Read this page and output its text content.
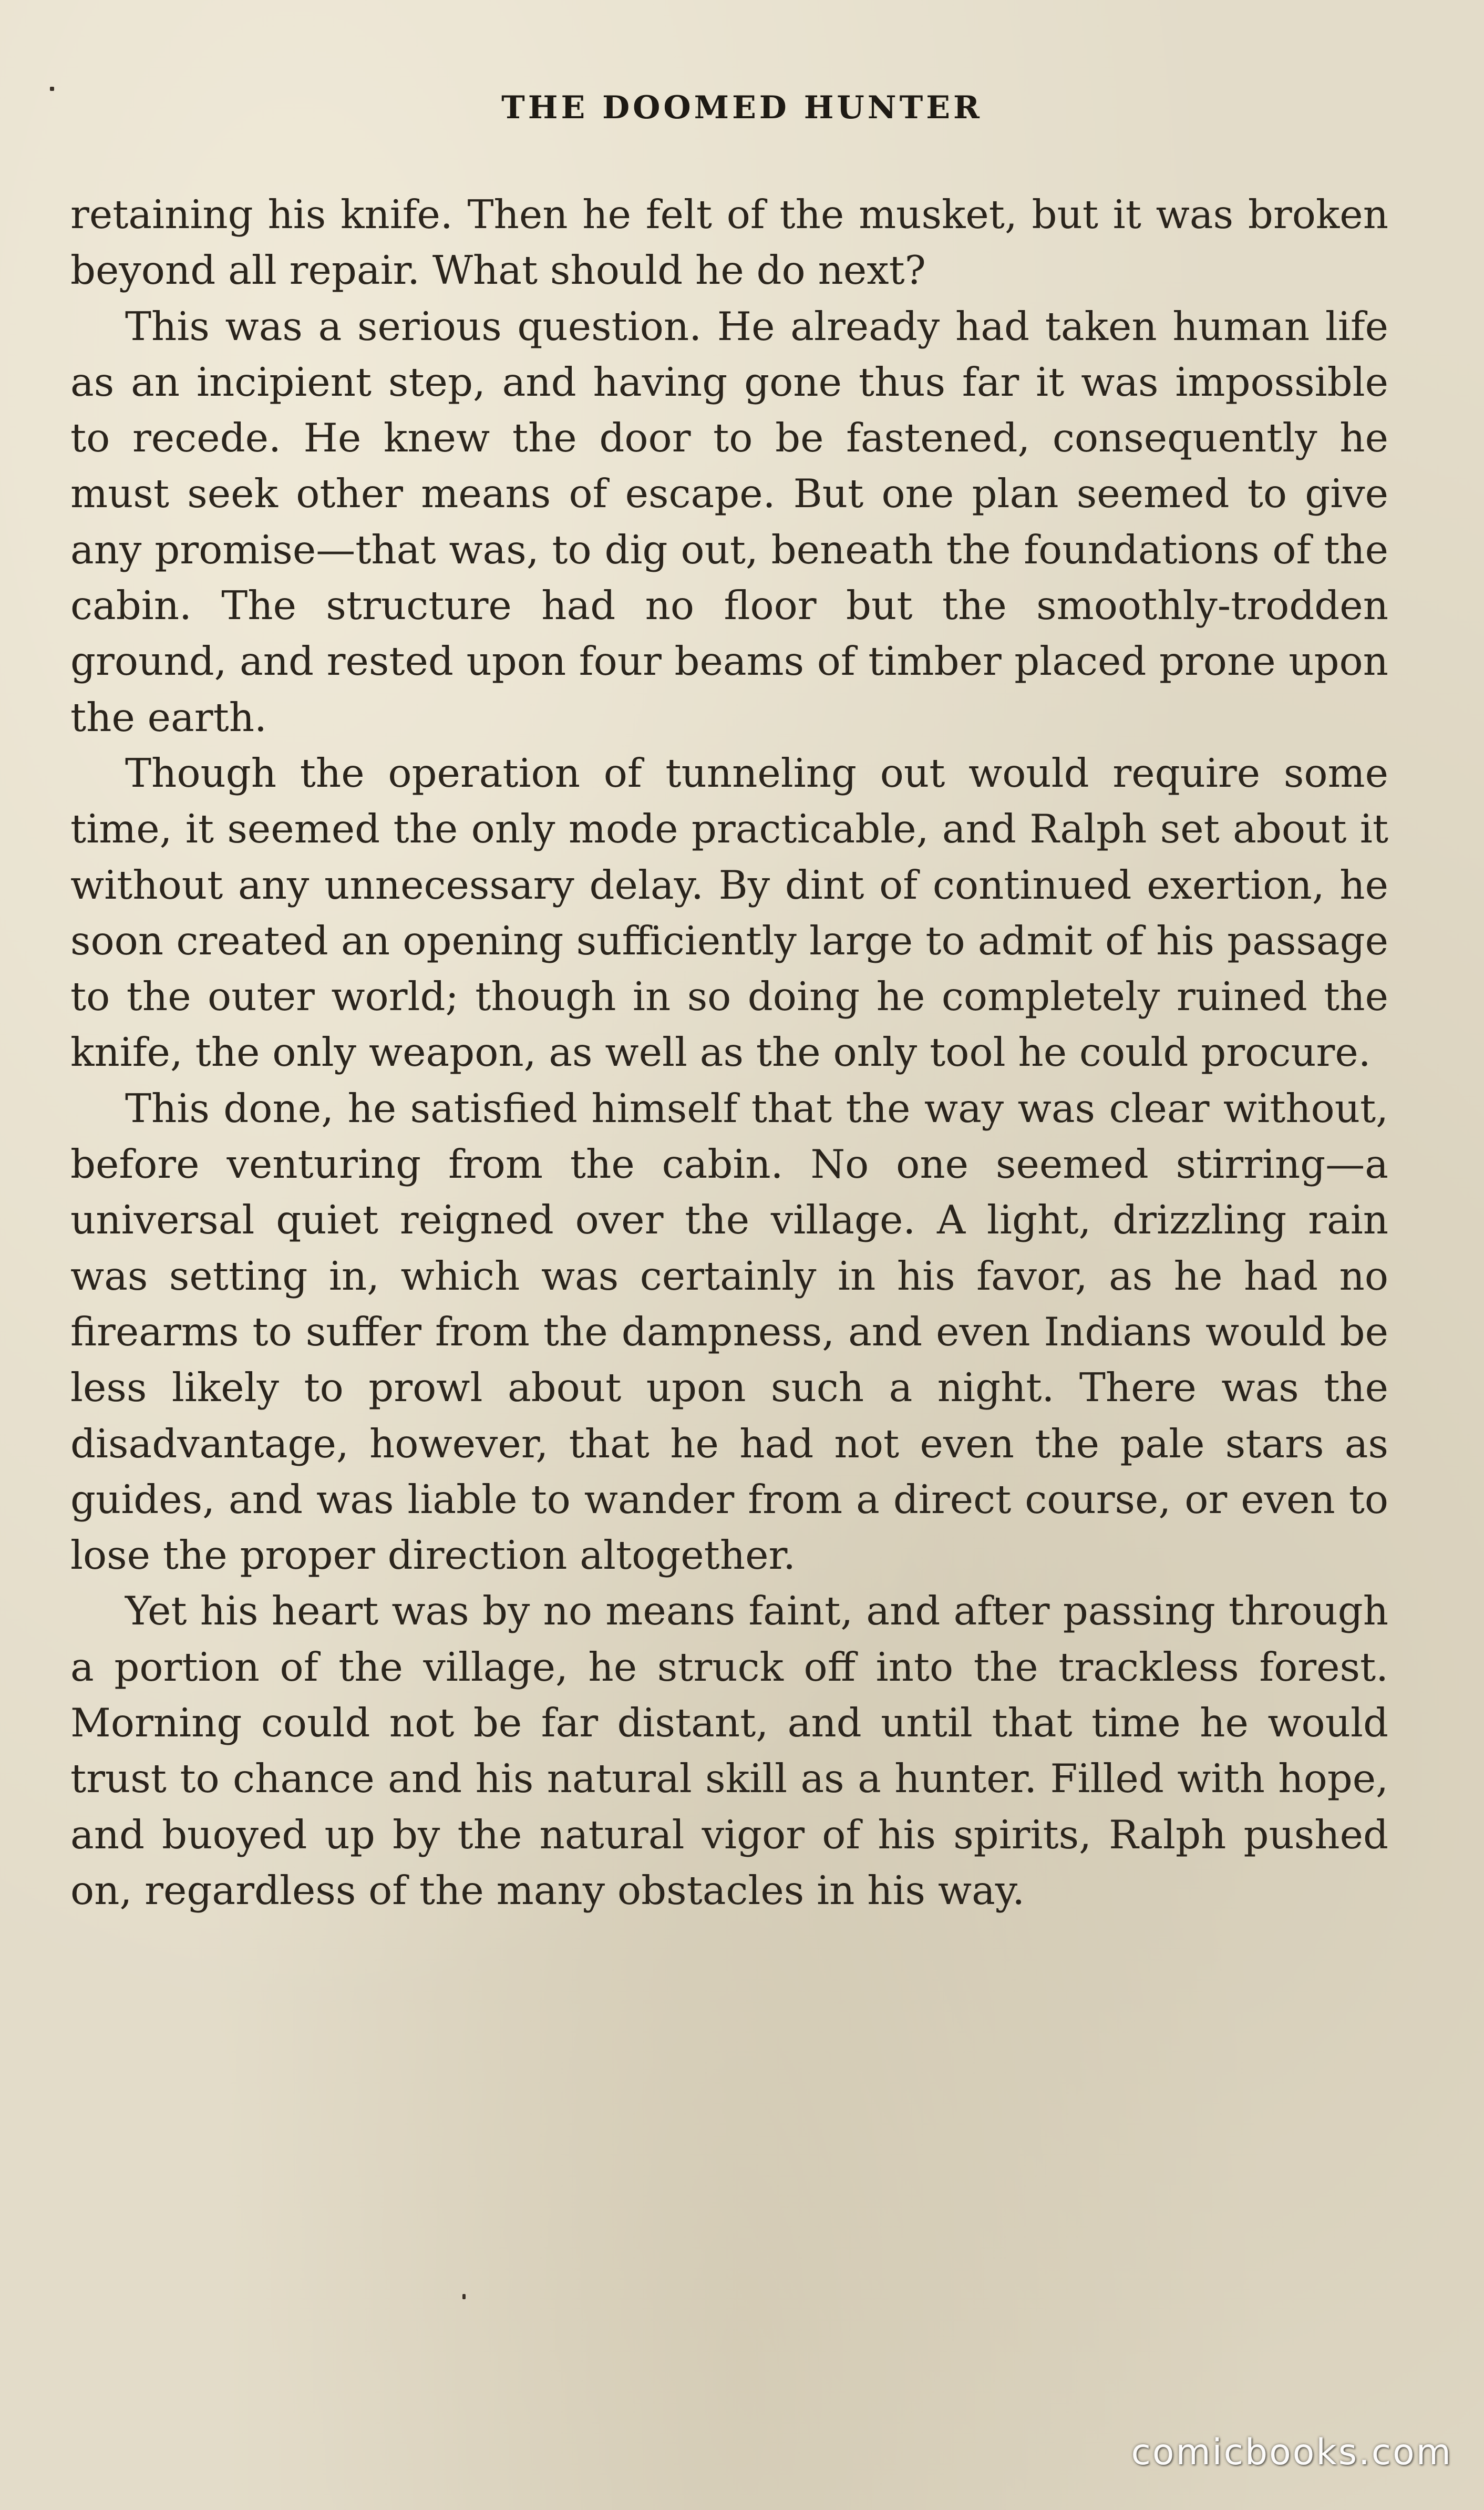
THE DOOMED HUNTER

retaining his knife. Then he felt of the musket, but it was broken beyond all repair. What should he do next?

This was a serious question. He already had taken human life as an incipient step, and having gone thus far it was impossible to recede. He knew the door to be fastened, consequently he must seek other means of escape. But one plan seemed to give any promise—that was, to dig out, beneath the foundations of the cabin. The structure had no floor but the smoothly-trodden ground, and rested upon four beams of timber placed prone upon the earth.

Though the operation of tunneling out would require some time, it seemed the only mode practicable, and Ralph set about it without any unnecessary delay. By dint of continued exertion, he soon created an opening sufficiently large to admit of his passage to the outer world; though in so doing he completely ruined the knife, the only weapon, as well as the only tool he could procure.

This done, he satisfied himself that the way was clear without, before venturing from the cabin. No one seemed stirring—a universal quiet reigned over the village. A light, drizzling rain was setting in, which was certainly in his favor, as he had no firearms to suffer from the dampness, and even Indians would be less likely to prowl about upon such a night. There was the disadvantage, however, that he had not even the pale stars as guides, and was liable to wander from a direct course, or even to lose the proper direction altogether.

Yet his heart was by no means faint, and after passing through a portion of the village, he struck off into the trackless forest. Morning could not be far distant, and until that time he would trust to chance and his natural skill as a hunter. Filled with hope, and buoyed up by the natural vigor of his spirits, Ralph pushed on, regardless of the many obstacles in his way.

comicbooks.com
